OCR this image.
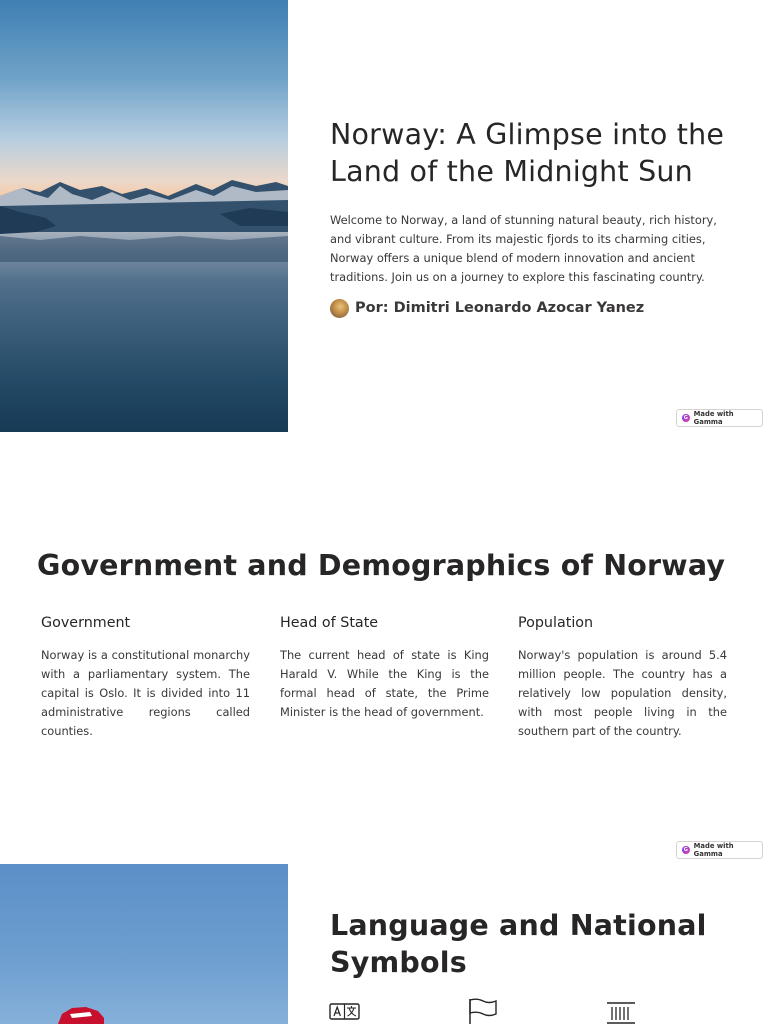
Norway: A Glimpse into the Land of the Midnight Sun

Welcome to Norway, a land of stunning natural beauty, rich history, and vibrant culture. From its majestic fjords to its charming cities, Norway offers a unique blend of modern innovation and ancient traditions. Join us on a journey to explore this fascinating country.

Por: Dimitri Leonardo Azocar Yanez
G Made with Gamma
Government and Demographics of Norway
Government

Norway is a constitutional monarchy with a parliamentary system. The capital is Oslo. It is divided into 11 administrative regions called counties.

Head of State

The current head of state is King Harald V. While the King is the formal head of state, the Prime Minister is the head of government.

Population

Norway's population is around 5.4 million people. The country has a relatively low population density, with most people living in the southern part of the country.

G Made with Gamma
Language and National Symbols
